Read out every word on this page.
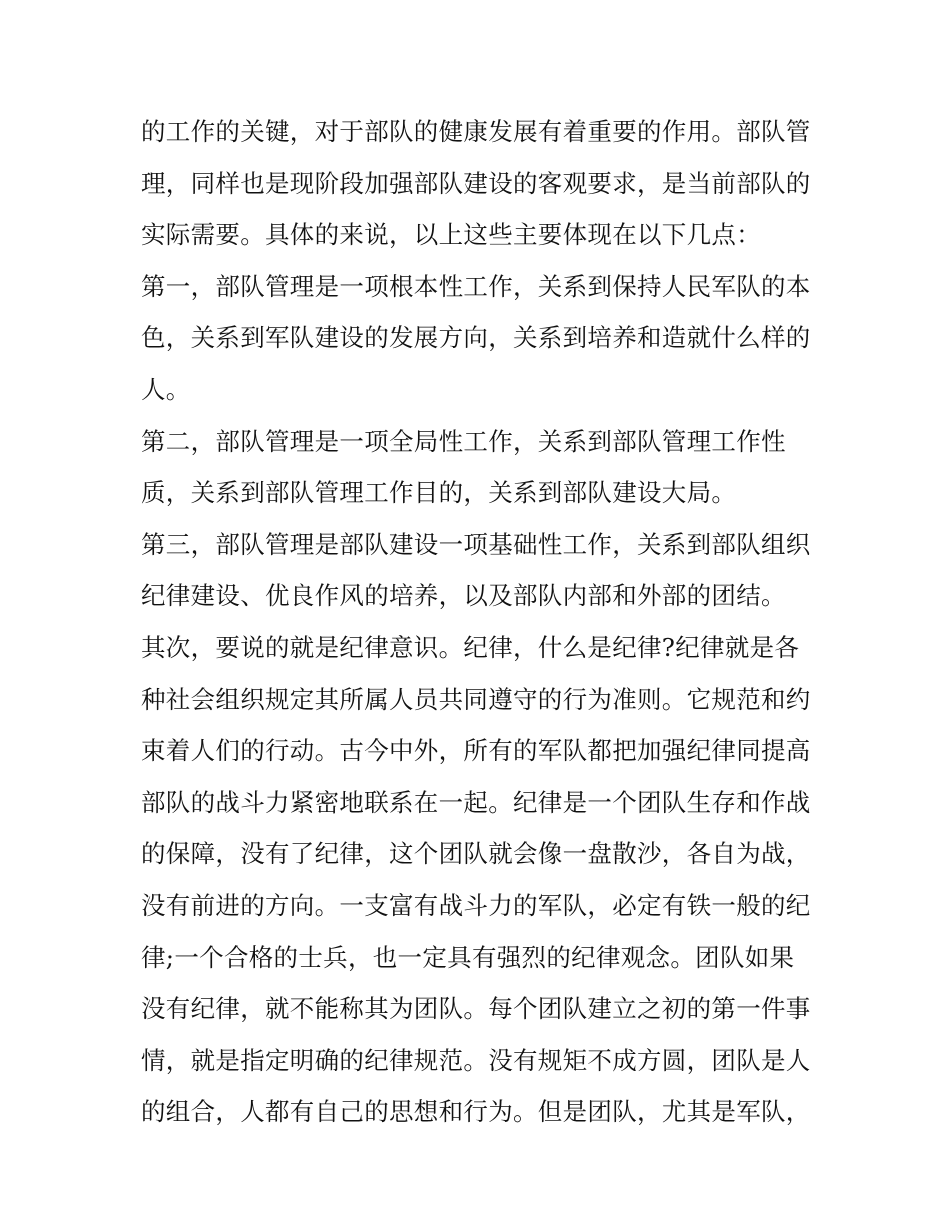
的工作的关键，对于部队的健康发展有着重要的作用。部队管
理，同样也是现阶段加强部队建设的客观要求，是当前部队的
实际需要。具体的来说，以上这些主要体现在以下几点：
第一，部队管理是一项根本性工作，关系到保持人民军队的本
色，关系到军队建设的发展方向，关系到培养和造就什么样的
人。
第二，部队管理是一项全局性工作，关系到部队管理工作性
质，关系到部队管理工作目的，关系到部队建设大局。
第三，部队管理是部队建设一项基础性工作，关系到部队组织
纪律建设、优良作风的培养，以及部队内部和外部的团结。
其次，要说的就是纪律意识。纪律，什么是纪律?纪律就是各
种社会组织规定其所属人员共同遵守的行为准则。它规范和约
束着人们的行动。古今中外，所有的军队都把加强纪律同提高
部队的战斗力紧密地联系在一起。纪律是一个团队生存和作战
的保障，没有了纪律，这个团队就会像一盘散沙，各自为战，
没有前进的方向。一支富有战斗力的军队，必定有铁一般的纪
律;一个合格的士兵，也一定具有强烈的纪律观念。团队如果
没有纪律，就不能称其为团队。每个团队建立之初的第一件事
情，就是指定明确的纪律规范。没有规矩不成方圆，团队是人
的组合，人都有自己的思想和行为。但是团队，尤其是军队，
